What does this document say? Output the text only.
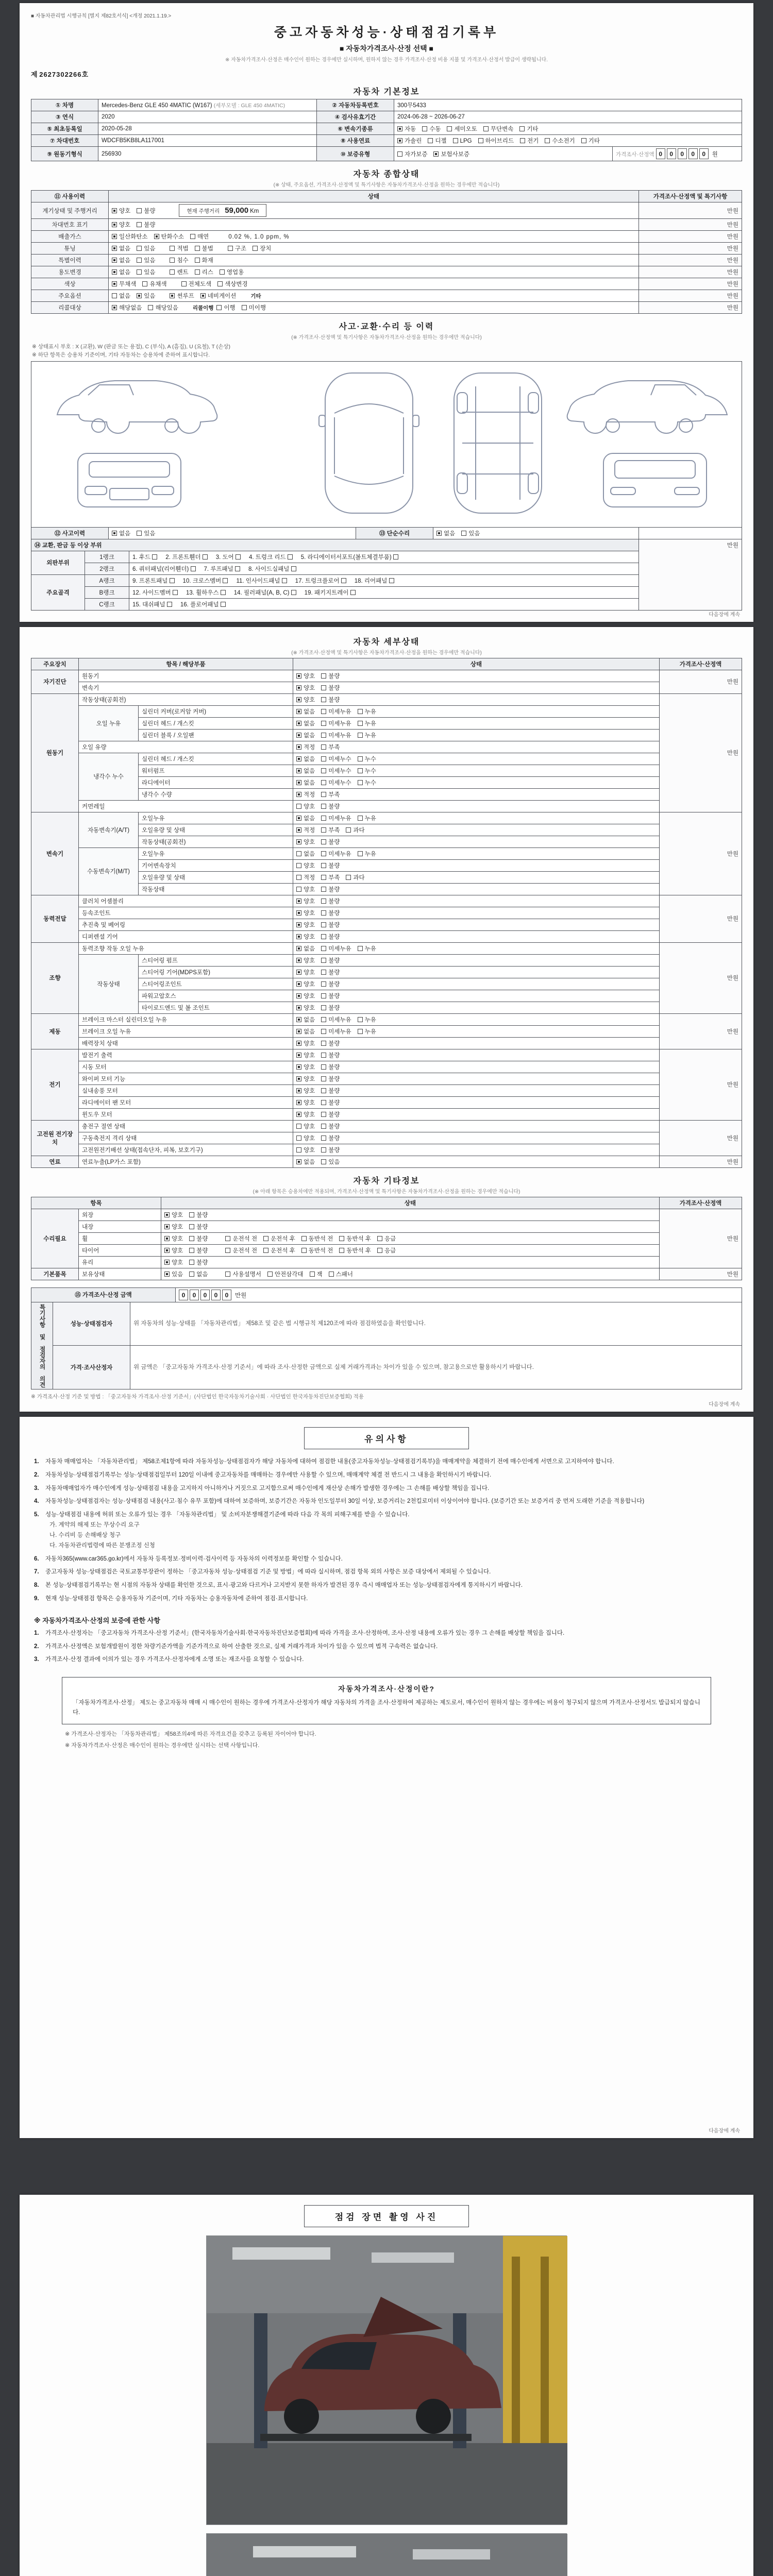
■ 자동차관리법 시행규칙 [별지 제82호서식] <개정 2021.1.19.>
중고자동차성능·상태점검기록부
■ 자동차가격조사·산정 선택 ■
※ 자동차가격조사·산정은 매수인이 원하는 경우에만 실시하며, 원하지 않는 경우 가격조사·산정 비용 지불 및 가격조사·산정서 발급이 생략됩니다.
제 2627302266호
자동차 기본정보
① 차명	Mercedes-Benz GLE 450 4MATIC (W167) (세부모델 : GLE 450 4MATIC)	② 자동차등록번호	300무5433	
③ 연식	2020	④ 검사유효기간	2024-06-28 ~ 2026-06-27	
⑤ 최초등록일	2020-05-28	⑥ 변속기종류	자동 수동 세미오토 무단변속 기타	
⑦ 차대번호	WDCFB5KB8LA117001	⑧ 사용연료	가솔린 디젤 LPG 하이브리드 전기 수소전기 기타	
⑨ 원동기형식	256930	⑩ 보증유형	자가보증 보험사보증	가격조사·산정액 0 0 0 0 0 원
자동차 종합상태
(※ 상태, 주요옵션, 가격조사·산정액 및 특기사항은 자동차가격조사·산정을 원하는 경우에만 적습니다)
⑪ 사용이력	상태	가격조사·산정액 및 특기사항
계기상태 및 주행거리	양호 불량 현재 주행거리 59,000 Km	만원
차대번호 표기	양호 불량	만원
배출가스	일산화탄소 탄화수소 매연 0.02 %, 1.0 ppm, %	만원
튜닝	없음 있음 적법 불법 구조 장치	만원
특별이력	없음 있음 침수 화재	만원
용도변경	없음 있음 렌트 리스 영업용	만원
색상	무채색 유채색 전체도색 색상변경	만원
주요옵션	없음 있음 썬루프 네비게이션 기타	만원
리콜대상	해당없음 해당있음 리콜이행 이행 미이행	만원
사고·교환·수리 등 이력
(※ 가격조사·산정액 및 특기사항은 자동차가격조사·산정을 원하는 경우에만 적습니다)
※ 상태표시 부호 : X (교환), W (판금 또는 용접), C (부식), A (흠집), U (요철), T (손상)
※ 하단 항목은 승용차 기준이며, 기타 자동차는 승용차에 준하여 표시합니다.
⑫ 사고이력	없음 있음	⑬ 단순수리	없음 있음	
⑭ 교환, 판금 등 이상 부위			만원
외판부위	1랭크	1. 후드 2. 프론트휀더 3. 도어 4. 트렁크 리드 5. 라디에이터서포트(볼트체결부품)	
	2랭크	6. 쿼터패널(리어휀더) 7. 루프패널 8. 사이드실패널	
주요골격	A랭크	9. 프론트패널 10. 크로스멤버 11. 인사이드패널 17. 트렁크플로어 18. 리어패널	
	B랭크	12. 사이드멤버 13. 휠하우스 14. 필러패널(A, B, C) 19. 패키지트레이	
	C랭크	15. 대쉬패널 16. 플로어패널	
다음장에 계속
자동차 세부상태
(※ 가격조사·산정액 및 특기사항은 자동차가격조사·산정을 원하는 경우에만 적습니다)
주요장치	항목 / 해당부품		상태	가격조사·산정액
자기진단	원동기		양호 불량	만원
	변속기		양호 불량	
원동기	작동상태(공회전)		양호 불량	만원
	오일 누유	실린더 커버(로커암 커버)	없음 미세누유 누유	
		실린더 헤드 / 개스킷	없음 미세누유 누유	
		실린더 블록 / 오일팬	없음 미세누유 누유	
	오일 유량		적정 부족	
	냉각수 누수	실린더 헤드 / 개스킷	없음 미세누수 누수	
		워터펌프	없음 미세누수 누수	
		라디에이터	없음 미세누수 누수	
		냉각수 수량	적정 부족	
	커먼레일		양호 불량	
변속기	자동변속기(A/T)	오일누유	없음 미세누유 누유	만원
		오일유량 및 상태	적정 부족 과다	
		작동상태(공회전)	양호 불량	
	수동변속기(M/T)	오일누유	없음 미세누유 누유	
		기어변속장치	양호 불량	
		오일유량 및 상태	적정 부족 과다	
		작동상태	양호 불량	
동력전달	클러치 어셈블리		양호 불량	만원
	등속조인트		양호 불량	
	추진축 및 베어링		양호 불량	
	디퍼렌셜 기어		양호 불량	
조향	동력조향 작동 오일 누유		없음 미세누유 누유	만원
	작동상태	스티어링 펌프	양호 불량	
		스티어링 기어(MDPS포함)	양호 불량	
		스티어링조인트	양호 불량	
		파워고압호스	양호 불량	
		타이로드엔드 및 볼 조인트	양호 불량	
제동	브레이크 마스터 실린더오일 누유		없음 미세누유 누유	만원
	브레이크 오일 누유		없음 미세누유 누유	
	배력장치 상태		양호 불량	
전기	발전기 출력		양호 불량	만원
	시동 모터		양호 불량	
	와이퍼 모터 기능		양호 불량	
	실내송풍 모터		양호 불량	
	라디에이터 팬 모터		양호 불량	
	윈도우 모터		양호 불량	
고전원 전기장치	충전구 절연 상태		양호 불량	만원
	구동축전지 격리 상태		양호 불량	
	고전원전기배선 상태(접속단자, 피복, 보호기구)		양호 불량	
연료	연료누출(LP가스 포함)		없음 있음	만원
자동차 기타정보
(※ 아래 항목은 승용차에만 적용되며, 가격조사·산정액 및 특기사항은 자동차가격조사·산정을 원하는 경우에만 적습니다)
항목		상태	가격조사·산정액
수리필요	외장	양호 불량	만원
	내장	양호 불량	
	휠	양호 불량 운전석 전 운전석 후 동반석 전 동반석 후 응급	
	타이어	양호 불량 운전석 전 운전석 후 동반석 전 동반석 후 응급	
	유리	양호 불량	
기본품목	보유상태	있음 없음 사용설명서 안전삼각대 잭 스패너	만원
⑮ 가격조사·산정 금액	0 0 0 0 0 만원
특기사항 및 점검자의 의견	성능·상태점검자	위 자동차의 성능·상태를 「자동차관리법」 제58조 및 같은 법 시행규칙 제120조에 따라 점검하였음을 확인합니다.
	가격·조사산정자	위 금액은 「중고자동차 가격조사·산정 기준서」에 따라 조사·산정한 금액으로 실제 거래가격과는 차이가 있을 수 있으며, 참고용으로만 활용하시기 바랍니다.
※ 가격조사·산정 기준 및 방법 : 「중고자동차 가격조사·산정 기준서」(사단법인 한국자동차기술사회 · 사단법인 한국자동차진단보증협회) 적용
다음장에 계속
유의사항
1.	자동차 매매업자는 「자동차관리법」 제58조제1항에 따라 자동차성능·상태점검자가 해당 자동차에 대하여 점검한 내용(중고자동차성능·상태점검기록부)을 매매계약을 체결하기 전에 매수인에게 서면으로 고지하여야 합니다.
2.	자동차성능·상태점검기록부는 성능·상태점검일부터 120일 이내에 중고자동차를 매매하는 경우에만 사용할 수 있으며, 매매계약 체결 전 반드시 그 내용을 확인하시기 바랍니다.
3.	자동차매매업자가 매수인에게 성능·상태점검 내용을 고지하지 아니하거나 거짓으로 고지함으로써 매수인에게 재산상 손해가 발생한 경우에는 그 손해를 배상할 책임을 집니다.
4.	자동차성능·상태점검자는 성능·상태점검 내용(사고·침수 유무 포함)에 대하여 보증하며, 보증기간은 자동차 인도일부터 30일 이상, 보증거리는 2천킬로미터 이상이어야 합니다. (보증기간 또는 보증거리 중 먼저 도래한 기준을 적용합니다)
5.	성능·상태점검 내용에 허위 또는 오류가 있는 경우 「자동차관리법」 및 소비자분쟁해결기준에 따라 다음 각 목의 피해구제를 받을 수 있습니다.
가. 계약의 해제 또는 무상수리 요구
나. 수리비 등 손해배상 청구
다. 자동차관리법령에 따른 분쟁조정 신청
6.	자동차365(www.car365.go.kr)에서 자동차 등록정보·정비이력·검사이력 등 자동차의 이력정보를 확인할 수 있습니다.
7.	중고자동차 성능·상태점검은 국토교통부장관이 정하는 「중고자동차 성능·상태점검 기준 및 방법」에 따라 실시하며, 점검 항목 외의 사항은 보증 대상에서 제외될 수 있습니다.
8.	본 성능·상태점검기록부는 현 시점의 자동차 상태를 확인한 것으로, 표시·광고와 다르거나 고지받지 못한 하자가 발견된 경우 즉시 매매업자 또는 성능·상태점검자에게 통지하시기 바랍니다.
9.	현재 성능·상태점검 항목은 승용자동차 기준이며, 기타 자동차는 승용자동차에 준하여 점검·표시합니다.
※ 자동차가격조사·산정의 보증에 관한 사항
1.	가격조사·산정자는 「중고자동차 가격조사·산정 기준서」(한국자동차기술사회·한국자동차진단보증협회)에 따라 가격을 조사·산정하며, 조사·산정 내용에 오류가 있는 경우 그 손해를 배상할 책임을 집니다.
2.	가격조사·산정액은 보험개발원이 정한 차량기준가액을 기준가격으로 하여 산출한 것으로, 실제 거래가격과 차이가 있을 수 있으며 법적 구속력은 없습니다.
3.	가격조사·산정 결과에 이의가 있는 경우 가격조사·산정자에게 소명 또는 재조사를 요청할 수 있습니다.
자동차가격조사·산정이란?
「자동차가격조사·산정」 제도는 중고자동차 매매 시 매수인이 원하는 경우에 가격조사·산정자가 해당 자동차의 가격을 조사·산정하여 제공하는 제도로서, 매수인이 원하지 않는 경우에는 비용이 청구되지 않으며 가격조사·산정서도 발급되지 않습니다.
※ 가격조사·산정자는 「자동차관리법」 제58조의4에 따른 자격요건을 갖추고 등록된 자이어야 합니다.
※ 자동차가격조사·산정은 매수인이 원하는 경우에만 실시하는 선택 사항입니다.
다음장에 계속
점검 장면 촬영 사진
